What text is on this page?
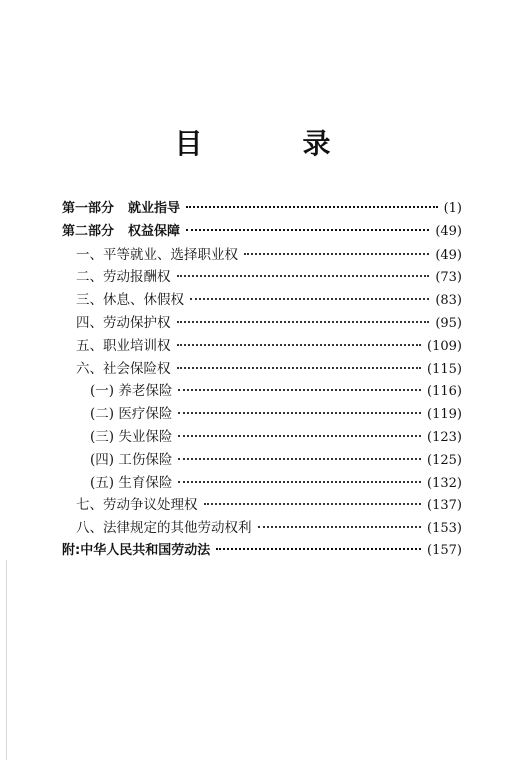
目　录
第一部分 就业指导	(1)
第二部分 权益保障	(49)
一、平等就业、选择职业权	(49)
二、劳动报酬权	(73)
三、休息、休假权	(83)
四、劳动保护权	(95)
五、职业培训权	(109)
六、社会保险权	(115)
(一) 养老保险	(116)
(二) 医疗保险	(119)
(三) 失业保险	(123)
(四) 工伤保险	(125)
(五) 生育保险	(132)
七、劳动争议处理权	(137)
八、法律规定的其他劳动权利	(153)
附:中华人民共和国劳动法	(157)
